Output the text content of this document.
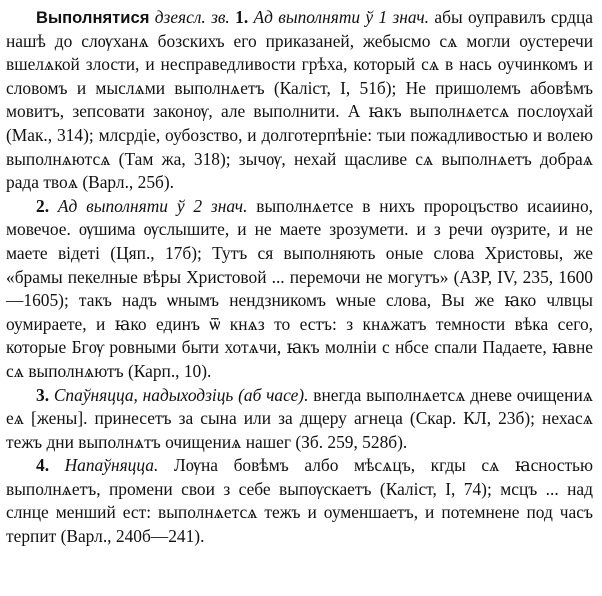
Выполнятися дзеясл. зв. 1. Ад выполняти ў 1 знач. абы оуправилъ срдца нашѣ до слѹханѧ бозскихъ его приказаней, жебысмо сѧ могли оустеречи вшелѧкой злости, и несправедливости грѣха, который сѧ в нась оучинкомъ и словомъ и мыслѧми выполнѧетъ (Каліст, I, 51б); Не пришолемъ абовѣмъ мовитъ, зепсовати законѹ, але выполнити. А ꙗкъ выполнѧетсѧ послѹхай (Мак., 314); млсрдіе, оубозство, и долготерпѣніе: тыи пожадливостью и волею выполнѧютсѧ (Там жа, 318); зычѹ, нехай щасливе сѧ выполнѧетъ добраѧ рада твоѧ (Варл., 25б).

2. Ад выполняти ў 2 знач. выполнѧетсе в нихъ пророцъство исаиино, мовечое. ѹшима ѹслышите, и не маете зрозумети. и з речи ѹзрите, и не маете відеті (Цяп., 17б); Тутъ ся выполняють оные слова Христовы, же «брамы пекелные вѣры Христовой ... перемочи не могутъ» (АЗР, IV, 235, 1600—1605); такъ надъ ѡнымъ нендзникомъ ѡные слова, Вы же ꙗко члвцы оумираете, и ꙗко единъ ѿ кнѧз то естъ: з кнѧжатъ темности вѣка сего, которые Бгѹ ровными быти хотѧчи, ꙗкъ молніи с нбсе спали Падаете, ꙗвне сѧ выполнѧютъ (Карп., 10).

3. Спаўняцца, надыходзіць (аб часе). внегда выполнѧетсѧ дневе очищениѧ еѧ [жены]. принесетъ за сына или за дщеру агнеца (Скар. КЛ, 23б); нехасѧ тежъ дни выполнѧтъ очищениѧ нашег (Зб. 259, 528б).

4. Напаўняцца. Лѹна бовѣмъ албо мѣсѧцъ, кгды сѧ ꙗсностью выполнѧетъ, промени свои з себе выпѹскаетъ (Каліст, I, 74); мсцъ ... над слнце менший ест: выполнѧетсѧ тежъ и оуменшаетъ, и потемнене под часъ терпит (Варл., 240б—241).
